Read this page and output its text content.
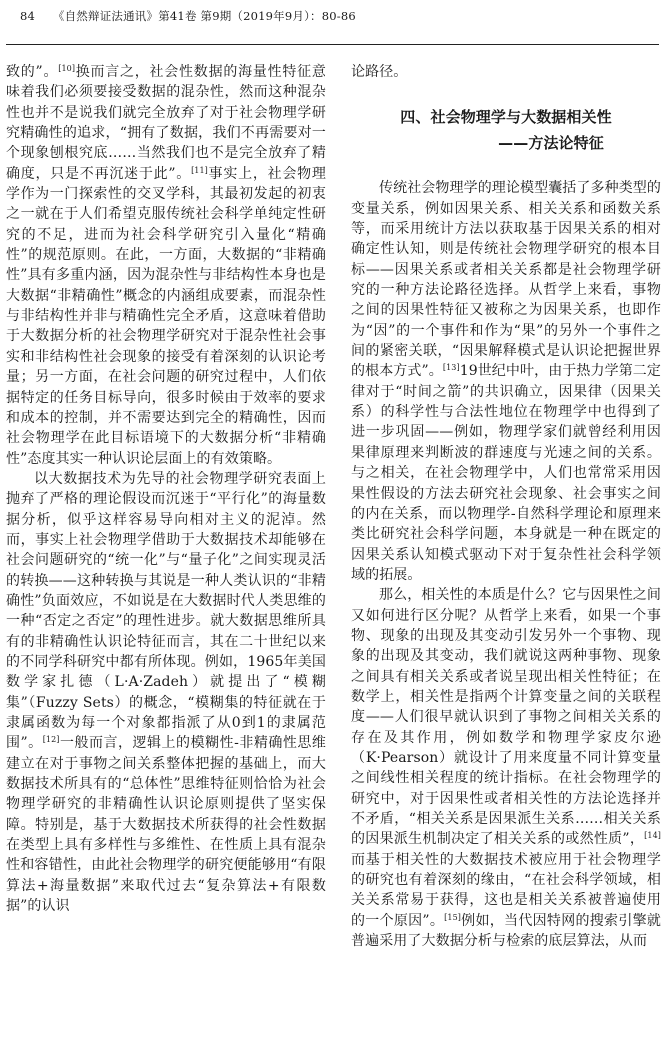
84 《自然辩证法通讯》第41卷 第9期（2019年9月）：80-86

致的”。[10]换而言之，社会性数据的海量性特征意味着我们必须要接受数据的混杂性，然而这种混杂性也并不是说我们就完全放弃了对于社会物理学研究精确性的追求，“拥有了数据，我们不再需要对一个现象刨根究底……当然我们也不是完全放弃了精确度，只是不再沉迷于此”。[11]事实上，社会物理学作为一门探索性的交叉学科，其最初发起的初衷之一就在于人们希望克服传统社会科学单纯定性研究的不足，进而为社会科学研究引入量化“精确性”的规范原则。在此，一方面，大数据的“非精确性”具有多重内涵，因为混杂性与非结构性本身也是大数据“非精确性”概念的内涵组成要素，而混杂性与非结构性并非与精确性完全矛盾，这意味着借助于大数据分析的社会物理学研究对于混杂性社会事实和非结构性社会现象的接受有着深刻的认识论考量；另一方面，在社会问题的研究过程中，人们依据特定的任务目标导向，很多时候由于效率的要求和成本的控制，并不需要达到完全的精确性，因而社会物理学在此目标语境下的大数据分析“非精确性”态度其实一种认识论层面上的有效策略。

以大数据技术为先导的社会物理学研究表面上抛弃了严格的理论假设而沉迷于“平行化”的海量数据分析，似乎这样容易导向相对主义的泥淖。然而，事实上社会物理学借助于大数据技术却能够在社会问题研究的“统一化”与“量子化”之间实现灵活的转换——这种转换与其说是一种人类认识的“非精确性”负面效应，不如说是在大数据时代人类思维的一种“否定之否定”的理性进步。就大数据思维所具有的非精确性认识论特征而言，其在二十世纪以来的不同学科研究中都有所体现。例如，1965年美国数学家扎德（L·A·Zadeh）就提出了“模糊集”（Fuzzy Sets）的概念，“模糊集的特征就在于隶属函数为每一个对象都指派了从0到1的隶属范围”。[12]一般而言，逻辑上的模糊性-非精确性思维建立在对于事物之间关系整体把握的基础上，而大数据技术所具有的“总体性”思维特征则恰恰为社会物理学研究的非精确性认识论原则提供了坚实保障。特别是，基于大数据技术所获得的社会性数据在类型上具有多样性与多维性、在性质上具有混杂性和容错性，由此社会物理学的研究便能够用“有限算法+海量数据”来取代过去“复杂算法+有限数据”的认识

论路径。

四、社会物理学与大数据相关性
——方法论特征

传统社会物理学的理论模型囊括了多种类型的变量关系，例如因果关系、相关关系和函数关系等，而采用统计方法以获取基于因果关系的相对确定性认知，则是传统社会物理学研究的根本目标——因果关系或者相关关系都是社会物理学研究的一种方法论路径选择。从哲学上来看，事物之间的因果性特征又被称之为因果关系，也即作为“因”的一个事件和作为“果”的另外一个事件之间的紧密关联，“因果解释模式是认识论把握世界的根本方式”。[13]19世纪中叶，由于热力学第二定律对于“时间之箭”的共识确立，因果律（因果关系）的科学性与合法性地位在物理学中也得到了进一步巩固——例如，物理学家们就曾经利用因果律原理来判断波的群速度与光速之间的关系。与之相关，在社会物理学中，人们也常常采用因果性假设的方法去研究社会现象、社会事实之间的内在关系，而以物理学-自然科学理论和原理来类比研究社会科学问题，本身就是一种在既定的因果关系认知模式驱动下对于复杂性社会科学领域的拓展。

那么，相关性的本质是什么？它与因果性之间又如何进行区分呢？从哲学上来看，如果一个事物、现象的出现及其变动引发另外一个事物、现象的出现及其变动，我们就说这两种事物、现象之间具有相关关系或者说呈现出相关性特征；在数学上，相关性是指两个计算变量之间的关联程度——人们很早就认识到了事物之间相关关系的存在及其作用，例如数学和物理学家皮尔逊（K·Pearson）就设计了用来度量不同计算变量之间线性相关程度的统计指标。在社会物理学的研究中，对于因果性或者相关性的方法论选择并不矛盾，“相关关系是因果派生关系……相关关系的因果派生机制决定了相关关系的或然性质”，[14]而基于相关性的大数据技术被应用于社会物理学的研究也有着深刻的缘由，“在社会科学领域，相关关系常易于获得，这也是相关关系被普遍使用的一个原因”。[15]例如，当代因特网的搜索引擎就普遍采用了大数据分析与检索的底层算法，从而
